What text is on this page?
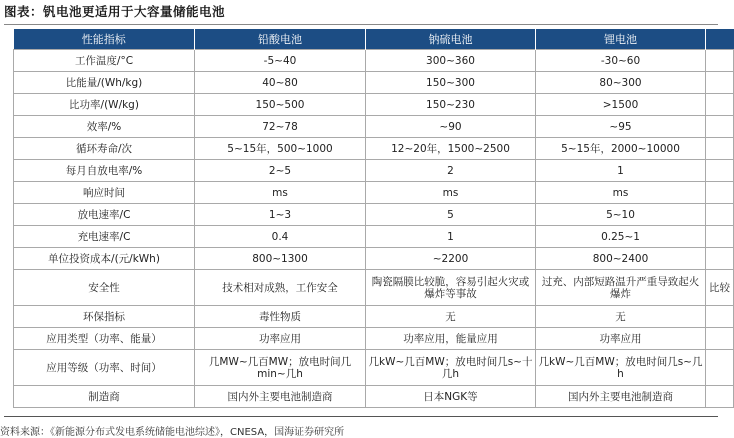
图表：钒电池更适用于大容量储能电池
性能指标	铅酸电池	钠硫电池	锂电池	
工作温度/°C	-5~40	300~360	-30~60	
比能量/(Wh/kg)	40~80	150~300	80~300	
比功率/(W/kg)	150~500	150~230	>1500	
效率/%	72~78	~90	~95	
循环寿命/次	5~15年，500~1000	12~20年，1500~2500	5~15年，2000~10000	
每月自放电率/%	2~5	2	1	
响应时间	ms	ms	ms	
放电速率/C	1~3	5	5~10	
充电速率/C	0.4	1	0.25~1	
单位投资成本/(元/kWh)	800~1300	~2200	800~2400	
安全性	技术相对成熟，工作安全	陶瓷隔膜比较脆，容易引起火灾或爆炸等事故	过充、内部短路温升严重导致起火爆炸	比较
环保指标	毒性物质	无	无	
应用类型（功率、能量）	功率应用	功率应用，能量应用	功率应用	
应用等级（功率、时间）	几MW~几百MW；放电时间几min~几h	几kW~几百MW；放电时间几s~十几h	几kW~几百MW；放电时间几s~几h	
制造商	国内外主要电池制造商	日本NGK等	国内外主要电池制造商	
资料来源：《新能源分布式发电系统储能电池综述》，CNESA，国海证券研究所
